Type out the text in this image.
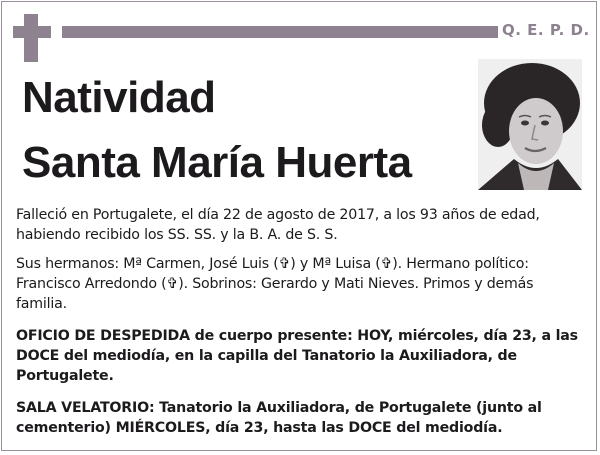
Q. E. P. D.
Natividad
Santa María Huerta
Falleció en Portugalete, el día 22 de agosto de 2017, a los 93 años de edad, habiendo recibido los SS. SS. y la B. A. de S. S.
Sus hermanos: Mª Carmen, José Luis (✞) y Mª Luisa (✞). Hermano político: Francisco Arredondo (✞). Sobrinos: Gerardo y Mati Nieves. Primos y demás familia.
OFICIO DE DESPEDIDA de cuerpo presente: HOY, miércoles, día 23, a las DOCE del mediodía, en la capilla del Tanatorio la Auxiliadora, de Portugalete.
SALA VELATORIO: Tanatorio la Auxiliadora, de Portugalete (junto al cementerio) MIÉRCOLES, día 23, hasta las DOCE del mediodía.
